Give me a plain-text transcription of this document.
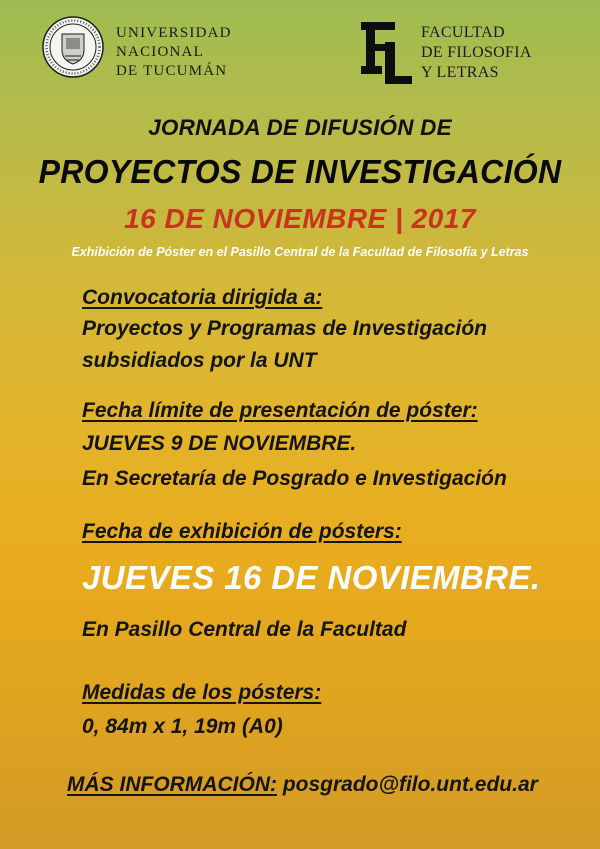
UNIVERSIDAD
NACIONAL
DE TUCUMÁN
FACULTAD
DE FILOSOFIA
Y LETRAS
JORNADA DE DIFUSIÓN DE
PROYECTOS DE INVESTIGACIÓN
16 DE NOVIEMBRE | 2017
Exhibición de Póster en el Pasillo Central de la Facultad de Filosofía y Letras
Convocatoria dirigida a:
Proyectos y Programas de Investigación
subsidiados por la UNT
Fecha límite de presentación de póster:
JUEVES 9 DE NOVIEMBRE.
En Secretaría de Posgrado e Investigación
Fecha de exhibición de pósters:
JUEVES 16 DE NOVIEMBRE.
En Pasillo Central de la Facultad
Medidas de los pósters:
0, 84m x 1, 19m (A0)
MÁS INFORMACIÓN: posgrado@filo.unt.edu.ar
